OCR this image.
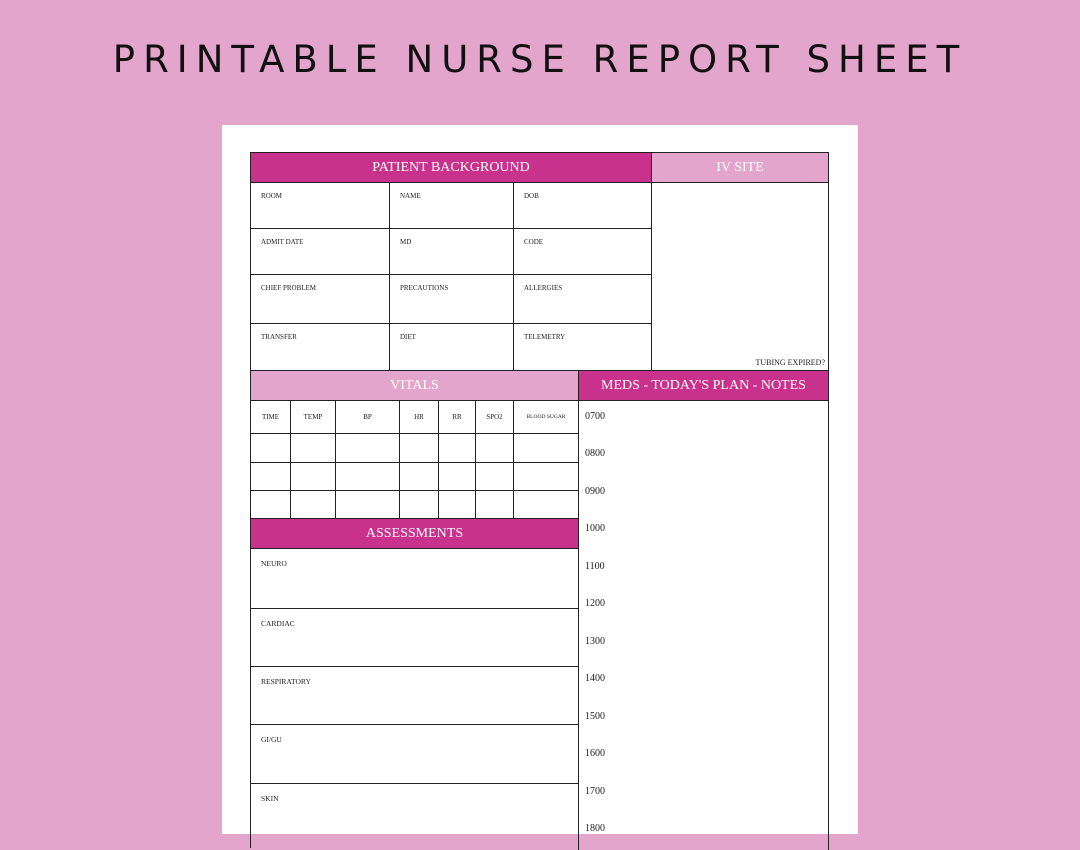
PRINTABLE NURSE REPORT SHEET
PATIENT BACKGROUND	IV SITE
ROOM	NAME	DOB
ADMIT DATE	MD	CODE
CHIEF PROBLEM	PRECAUTIONS	ALLERGIES
TRANSFER	DIET	TELEMETRY
TUBING EXPIRED?
VITALS	MEDS - TODAY'S PLAN - NOTES
TIME	TEMP	BP	HR	RR	SPO2	BLOOD SUGAR
ASSESSMENTS
NEURO
CARDIAC
RESPIRATORY
GI/GU
SKIN
0700
0800
0900
1000
1100
1200
1300
1400
1500
1600
1700
1800
